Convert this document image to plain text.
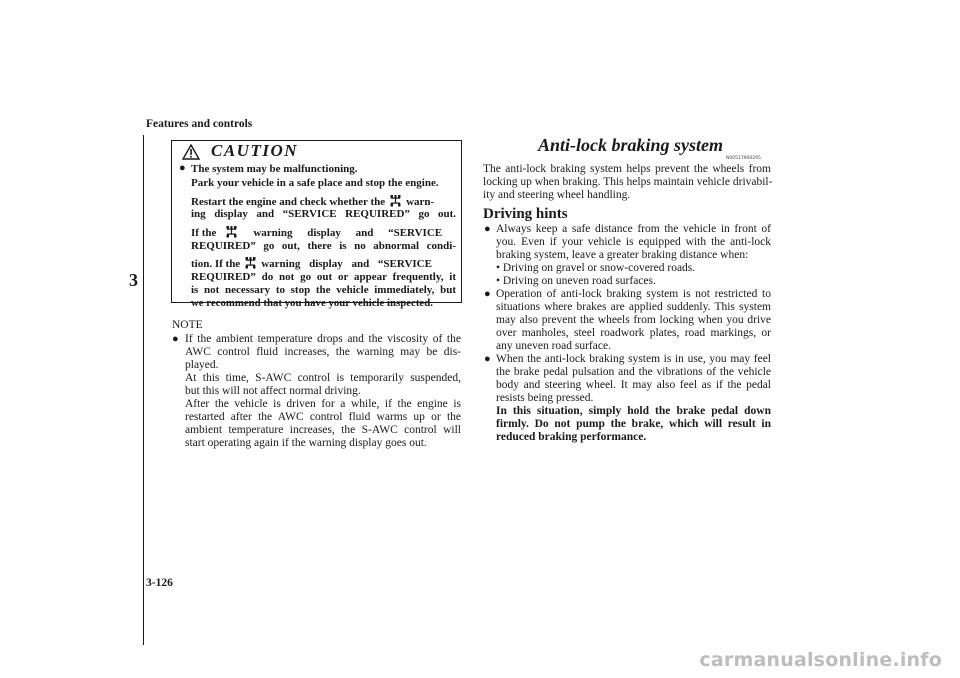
Features and controls
3
3-126
carmanualsonline.info
CAUTION
● The system may be malfunctioning.
Park your vehicle in a safe place and stop the engine.
Restart the engine and check whether the warn-
ing display and “SERVICE REQUIRED” go out.
If the	warning display and “SERVICE
REQUIRED” go out, there is no abnormal condi-
tion. If the warning display and “SERVICE
REQUIRED” do not go out or appear frequently, it
is not necessary to stop the vehicle immediately, but
we recommend that you have your vehicle inspected.
NOTE
● If the ambient temperature drops and the viscosity of the
AWC control fluid increases, the warning may be dis-
played.
At this time, S-AWC control is temporarily suspended,
but this will not affect normal driving.
After the vehicle is driven for a while, if the engine is
restarted after the AWC control fluid warms up or the
ambient temperature increases, the S-AWC control will
start operating again if the warning display goes out.
Anti-lock braking system
N00517900295
The anti-lock braking system helps prevent the wheels from
locking up when braking. This helps maintain vehicle drivabil-
ity and steering wheel handling.
Driving hints
● Always keep a safe distance from the vehicle in front of
you. Even if your vehicle is equipped with the anti-lock
braking system, leave a greater braking distance when:
• Driving on gravel or snow-covered roads.
• Driving on uneven road surfaces.
● Operation of anti-lock braking system is not restricted to
situations where brakes are applied suddenly. This system
may also prevent the wheels from locking when you drive
over manholes, steel roadwork plates, road markings, or
any uneven road surface.
● When the anti-lock braking system is in use, you may feel
the brake pedal pulsation and the vibrations of the vehicle
body and steering wheel. It may also feel as if the pedal
resists being pressed.
In this situation, simply hold the brake pedal down
firmly. Do not pump the brake, which will result in
reduced braking performance.
